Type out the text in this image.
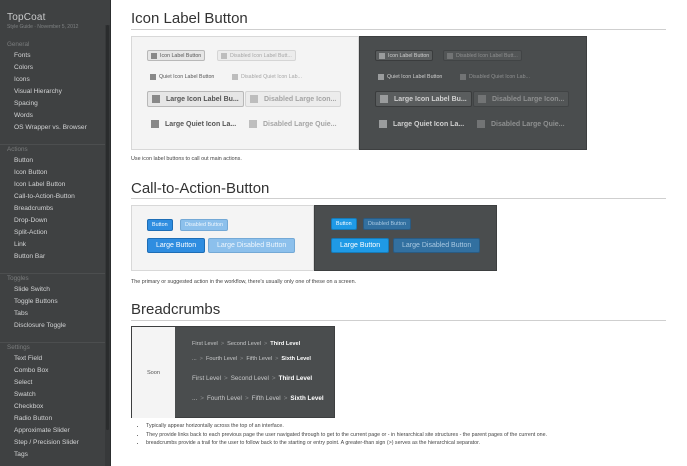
TopCoat
Style Guide · November 5, 2012
General
Fonts
Colors
Icons
Visual Hierarchy
Spacing
Words
OS Wrapper vs. Browser
Actions
Button
Icon Button
Icon Label Button
Call-to-Action-Button
Breadcrumbs
Drop-Down
Split-Action
Link
Button Bar
Toggles
Slide Switch
Toggle Buttons
Tabs
Disclosure Toggle
Settings
Text Field
Combo Box
Select
Swatch
Checkbox
Radio Button
Approximate Slider
Step / Precision Slider
Tags
Icon Label Button
Icon Label Button	Disabled Icon Label Butt...
Quiet Icon Label Button	Disabled Quiet Icon Lab...
Large Icon Label Bu...	Disabled Large Icon...
Large Quiet Icon La...	Disabled Large Quie...
Icon Label Button	Disabled Icon Label Butt...
Quiet Icon Label Button	Disabled Quiet Icon Lab...
Large Icon Label Bu...	Disabled Large Icon...
Large Quiet Icon La...	Disabled Large Quie...
Use icon label buttons to call out main actions.
Call-to-Action-Button
Button	Disabled Button
Large Button	Large Disabled Button
Button	Disabled Button
Large Button	Large Disabled Button
The primary or suggested action in the workflow, there's usually only one of these on a screen.
Breadcrumbs
Soon
First Level > Second Level > Third Level
... > Fourth Level > Fifth Level > Sixth Level
First Level > Second Level > Third Level
... > Fourth Level > Fifth Level > Sixth Level
• Typically appear horizontally across the top of an interface.
• They provide links back to each previous page the user navigated through to get to the current page or - in hierarchical site structures - the parent pages of the current one.
• breadcrumbs provide a trail for the user to follow back to the starting or entry point. A greater-than sign (>) serves as the hierarchical separator.
